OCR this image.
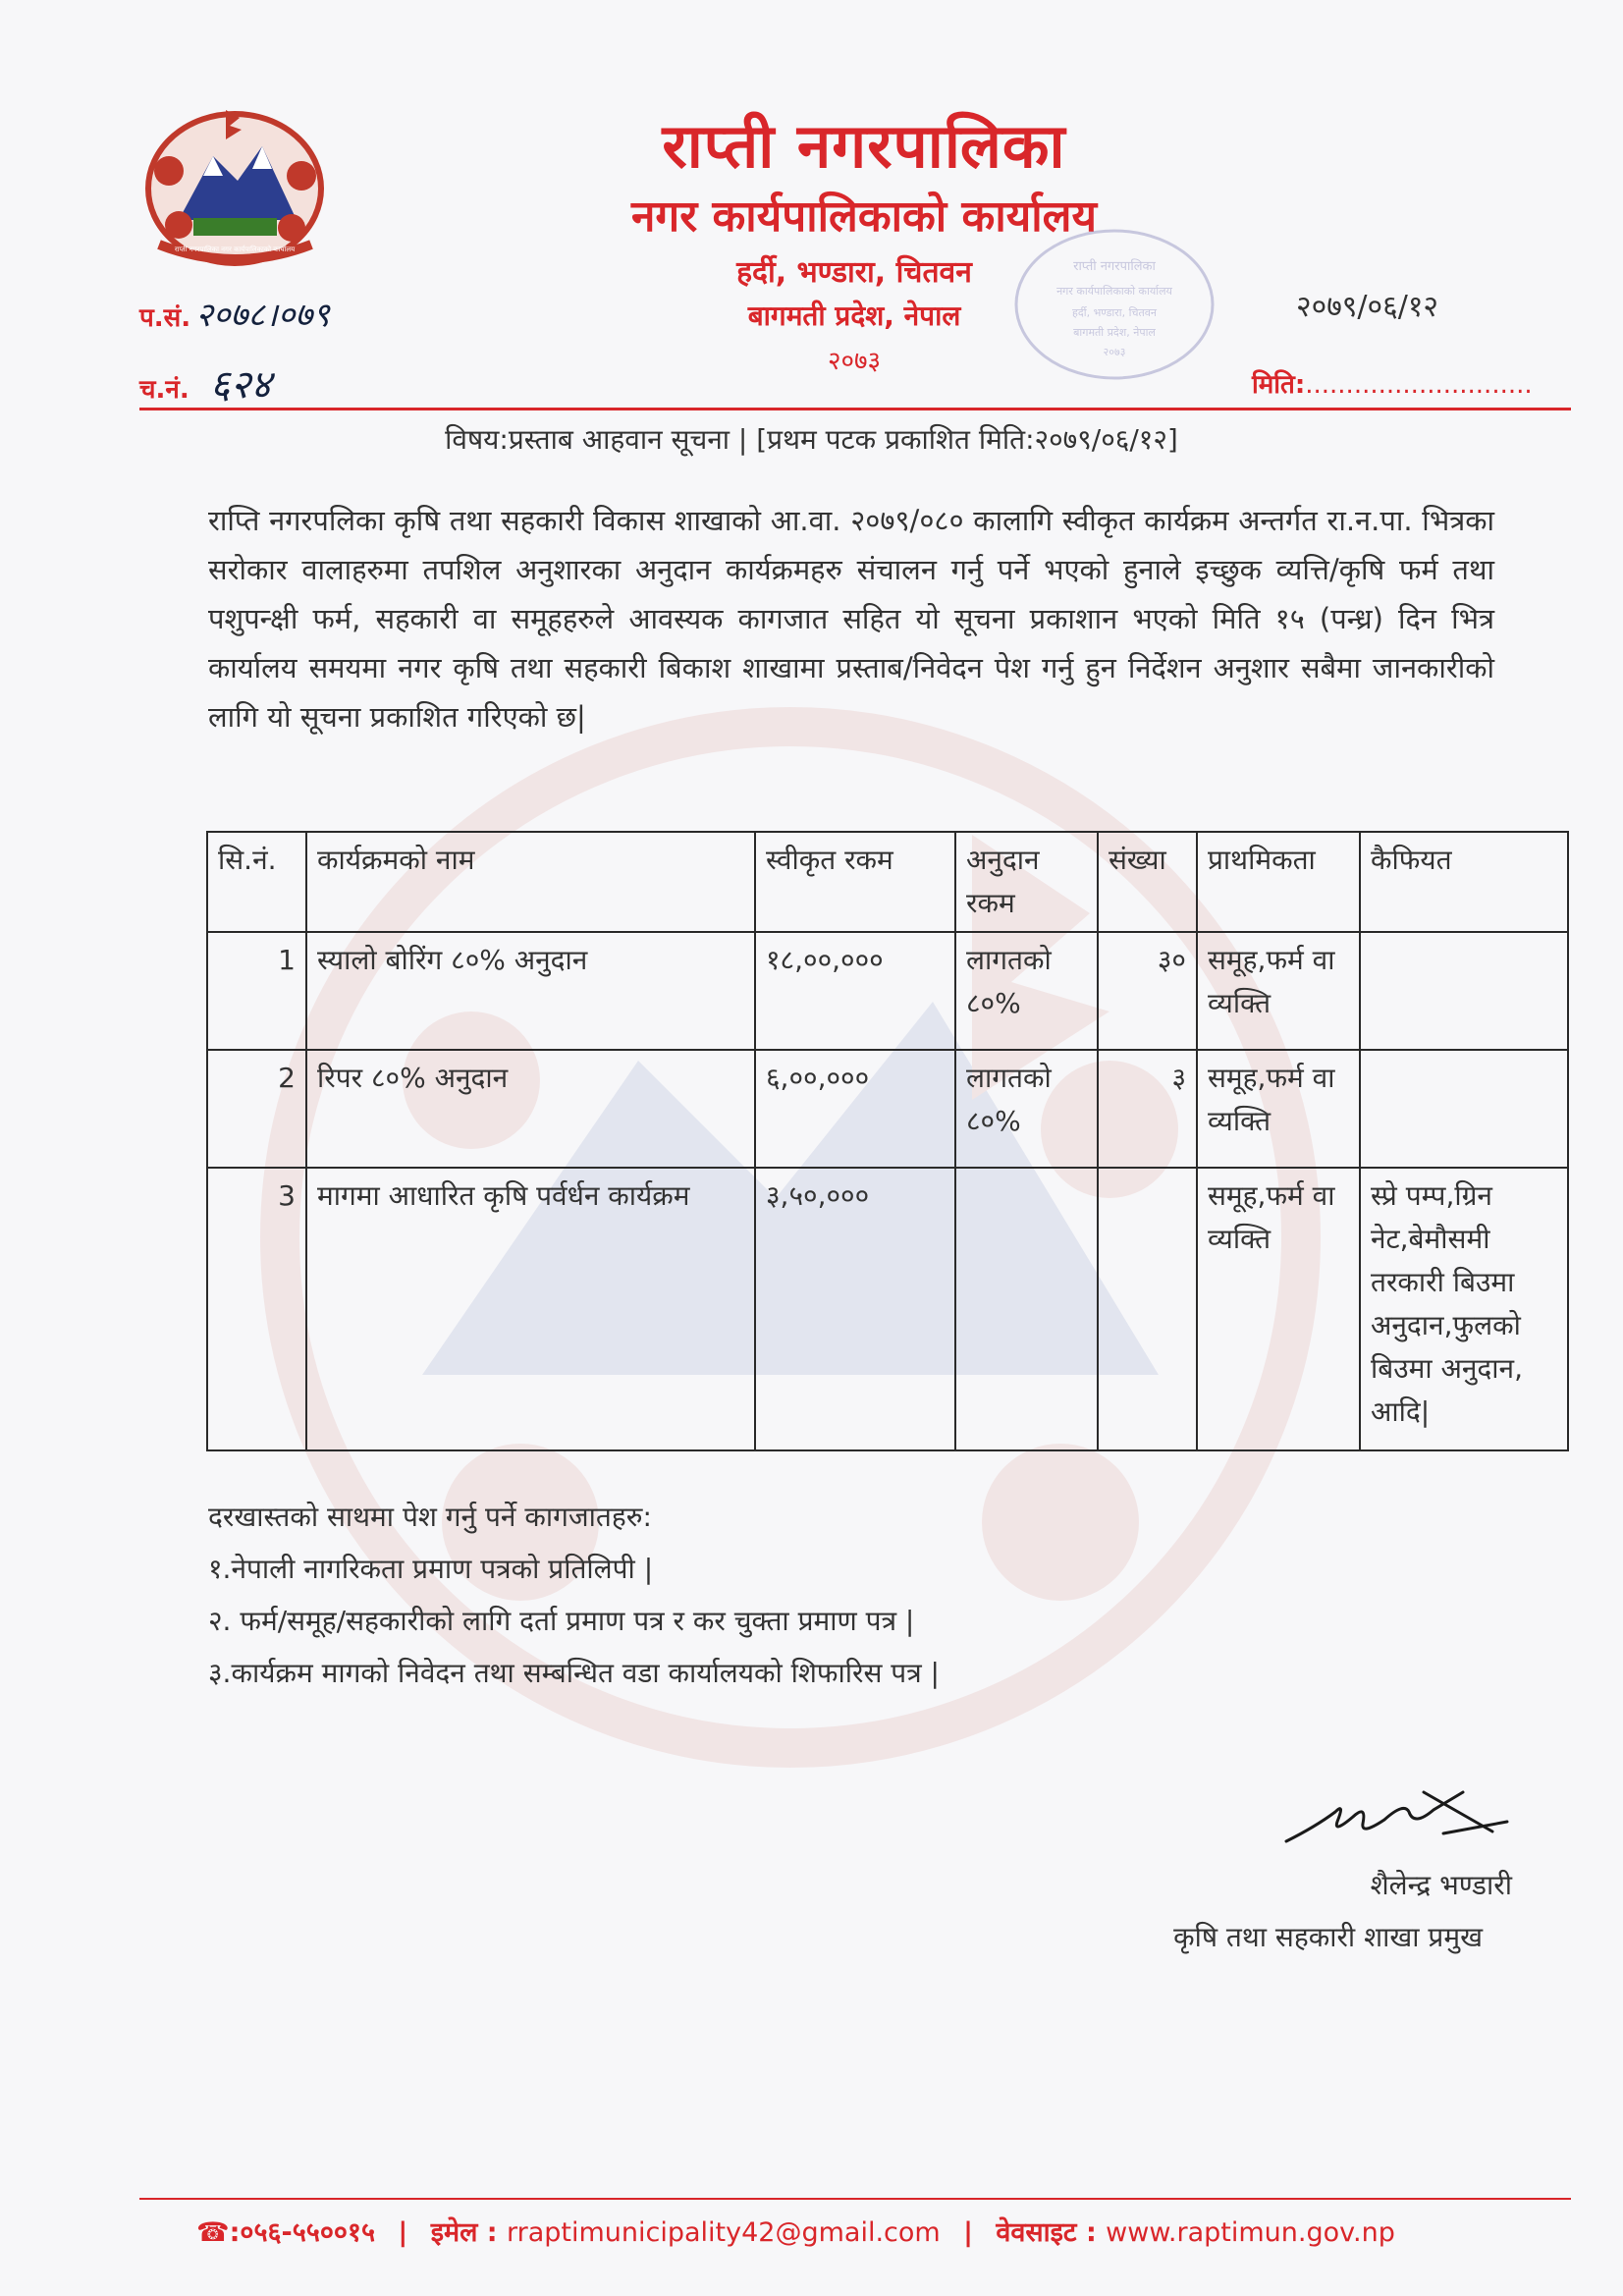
राप्ती नगरपालिका नगर कार्यपालिकाको कार्यालय
राप्ती नगरपालिका
नगर कार्यपालिकाको कार्यालय
हर्दी, भण्डारा, चितवन
बागमती प्रदेश, नेपाल
२०७३
राप्ती नगरपालिका
नगर कार्यपालिकाको कार्यालय
हर्दी, भण्डारा, चितवन
बागमती प्रदेश, नेपाल
२०७३
प.सं. २०७८।०७९
च.नं. ६२४
२०७९/०६/१२
मिति:............................
विषय:प्रस्ताब आहवान सूचना | [प्रथम पटक प्रकाशित मिति:२०७९/०६/१२]
राप्ति नगरपलिका कृषि तथा सहकारी विकास शाखाको आ.वा. २०७९/०८० कालागि स्वीकृत कार्यक्रम अन्तर्गत रा.न.पा. भित्रका सरोकार वालाहरुमा तपशिल अनुशारका अनुदान कार्यक्रमहरु संचालन गर्नु पर्ने भएको हुनाले इच्छुक व्यत्ति/कृषि फर्म तथा पशुपन्क्षी फर्म, सहकारी वा समूहहरुले आवस्यक कागजात सहित यो सूचना प्रकाशान भएको मिति १५ (पन्ध्र) दिन भित्र कार्यालय समयमा नगर कृषि तथा सहकारी बिकाश शाखामा प्रस्ताब/निवेदन पेश गर्नु हुन निर्देशन अनुशार सबैमा जानकारीको लागि यो सूचना प्रकाशित गरिएको छ|
सि.नं.	कार्यक्रमको नाम	स्वीकृत रकम	अनुदान रकम	संख्या	प्राथमिकता	कैफियत
1	स्यालो बोरिंग ८०% अनुदान	१८,००,०००	लागतको ८०%	३०	समूह,फर्म वा व्यक्ति	
2	रिपर ८०% अनुदान	६,००,०००	लागतको ८०%	३	समूह,फर्म वा व्यक्ति	
3	मागमा आधारित कृषि पर्वर्धन कार्यक्रम	३,५०,०००			समूह,फर्म वा व्यक्ति	स्प्रे पम्प,ग्रिन नेट,बेमौसमी तरकारी बिउमा अनुदान,फुलको बिउमा अनुदान, आदि|
दरखास्तको साथमा पेश गर्नु पर्ने कागजातहरु:
१.नेपाली नागरिकता प्रमाण पत्रको प्रतिलिपी |
२. फर्म/समूह/सहकारीको लागि दर्ता प्रमाण पत्र र कर चुक्ता प्रमाण पत्र |
३.कार्यक्रम मागको निवेदन तथा सम्बन्धित वडा कार्यालयको शिफारिस पत्र |
शैलेन्द्र भण्डारी
कृषि तथा सहकारी शाखा प्रमुख
☎:०५६-५५००१५ | इमेल : rraptimunicipality42@gmail.com | वेवसाइट : www.raptimun.gov.np
